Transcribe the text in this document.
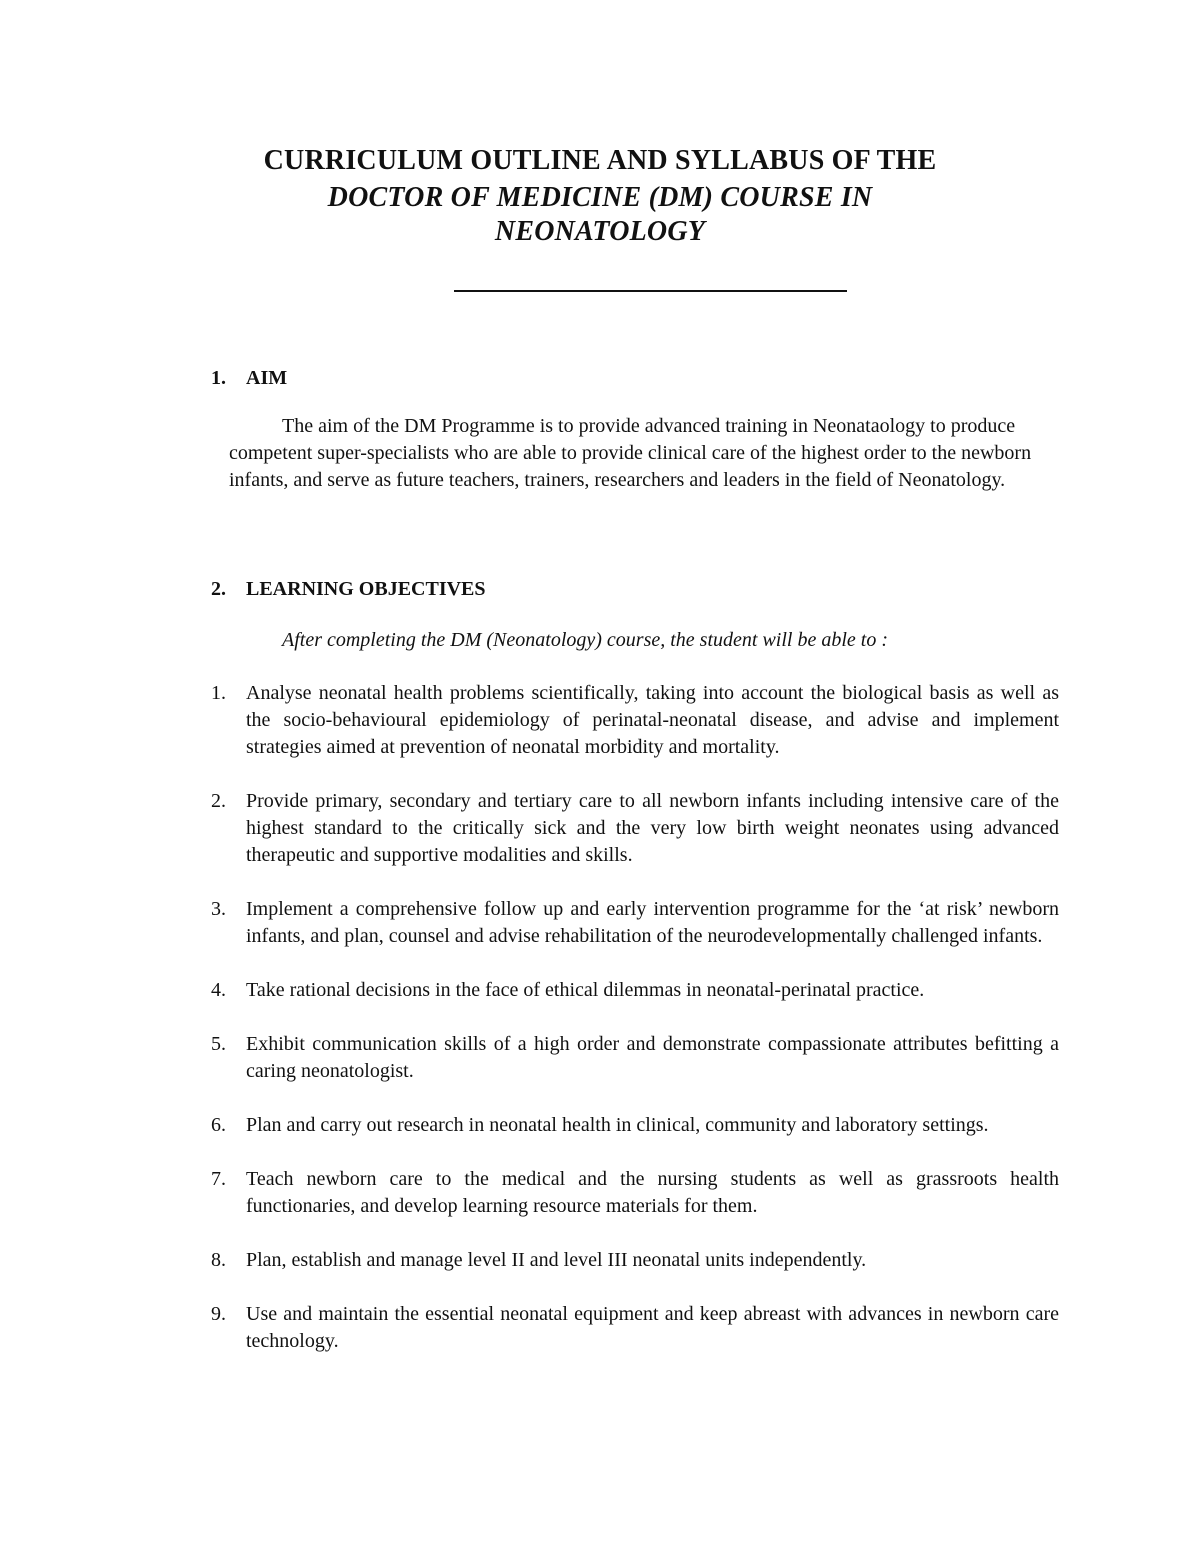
CURRICULUM OUTLINE AND SYLLABUS OF THE
DOCTOR OF MEDICINE (DM) COURSE IN
NEONATOLOGY
1. AIM

The aim of the DM Programme is to provide advanced training in Neonataology to produce competent super-specialists who are able to provide clinical care of the highest order to the newborn infants, and serve as future teachers, trainers, researchers and leaders in the field of Neonatology.

2. LEARNING OBJECTIVES
After completing the DM (Neonatology) course, the student will be able to :
1. Analyse neonatal health problems scientifically, taking into account the biological basis as well as the socio-behavioural epidemiology of perinatal-neonatal disease, and advise and implement strategies aimed at prevention of neonatal morbidity and mortality.
2. Provide primary, secondary and tertiary care to all newborn infants including intensive care of the highest standard to the critically sick and the very low birth weight neonates using advanced therapeutic and supportive modalities and skills.
3. Implement a comprehensive follow up and early intervention programme for the ‘at risk’ newborn infants, and plan, counsel and advise rehabilitation of the neurodevelopmentally challenged infants.
4. Take rational decisions in the face of ethical dilemmas in neonatal-perinatal practice.
5. Exhibit communication skills of a high order and demonstrate compassionate attributes befitting a caring neonatologist.
6. Plan and carry out research in neonatal health in clinical, community and laboratory settings.
7. Teach newborn care to the medical and the nursing students as well as grassroots health functionaries, and develop learning resource materials for them.
8. Plan, establish and manage level II and level III neonatal units independently.
9. Use and maintain the essential neonatal equipment and keep abreast with advances in newborn care technology.
